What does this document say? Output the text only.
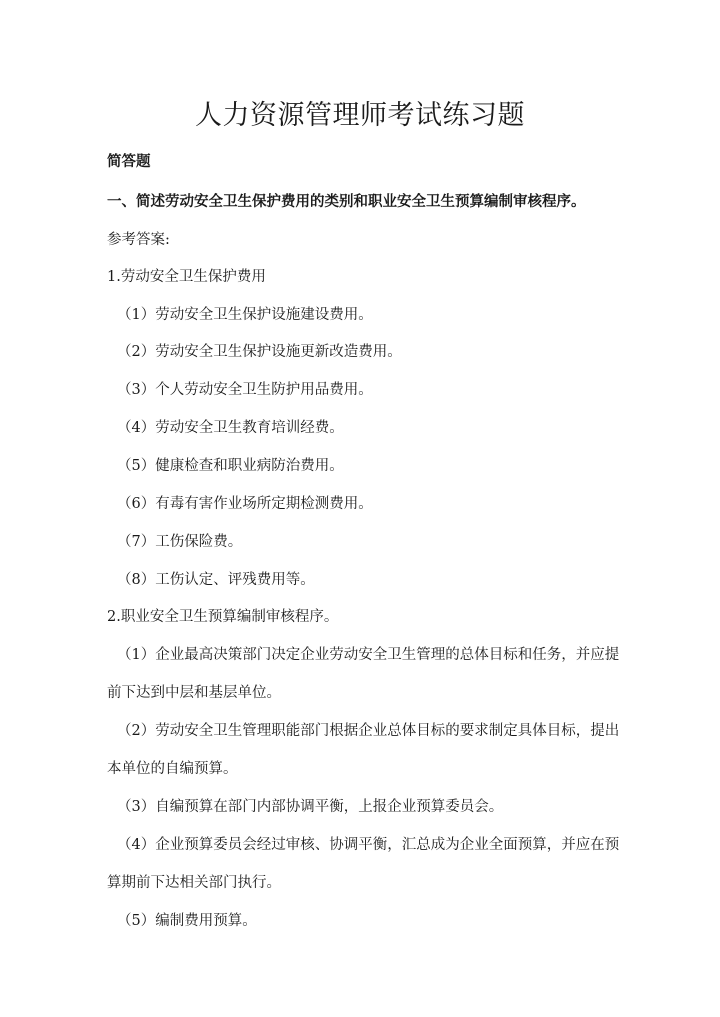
人力资源管理师考试练习题
简答题
一、简述劳动安全卫生保护费用的类别和职业安全卫生预算编制审核程序。
参考答案:
1.劳动安全卫生保护费用
（1）劳动安全卫生保护设施建设费用。
（2）劳动安全卫生保护设施更新改造费用。
（3）个人劳动安全卫生防护用品费用。
（4）劳动安全卫生教育培训经费。
（5）健康检查和职业病防治费用。
（6）有毒有害作业场所定期检测费用。
（7）工伤保险费。
（8）工伤认定、评残费用等。
2.职业安全卫生预算编制审核程序。
（1）企业最高决策部门决定企业劳动安全卫生管理的总体目标和任务，并应提
前下达到中层和基层单位。
（2）劳动安全卫生管理职能部门根据企业总体目标的要求制定具体目标，提出
本单位的自编预算。
（3）自编预算在部门内部协调平衡，上报企业预算委员会。
（4）企业预算委员会经过审核、协调平衡，汇总成为企业全面预算，并应在预
算期前下达相关部门执行。
（5）编制费用预算。
